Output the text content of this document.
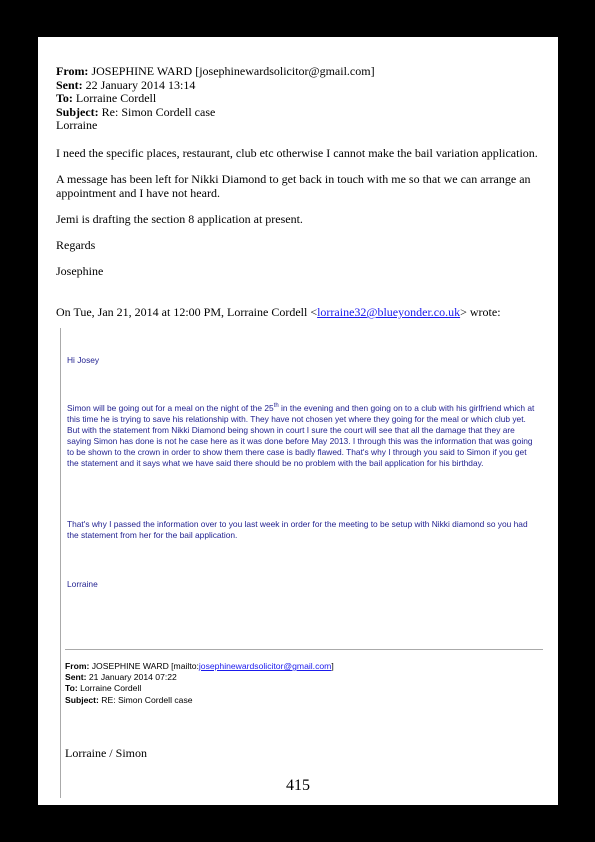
From: JOSEPHINE WARD [josephinewardsolicitor@gmail.com]
Sent: 22 January 2014 13:14
To: Lorraine Cordell
Subject: Re: Simon Cordell case
Lorraine

I need the specific places, restaurant, club etc otherwise I cannot make the bail variation application.

A message has been left for Nikki Diamond to get back in touch with me so that we can arrange an appointment and I have not heard.

Jemi is drafting the section 8 application at present.

Regards

Josephine

On Tue, Jan 21, 2014 at 12:00 PM, Lorraine Cordell <lorraine32@blueyonder.co.uk> wrote:

Hi Josey

Simon will be going out for a meal on the night of the 25th in the evening and then going on to a club with his girlfriend which at this time he is trying to save his relationship with. They have not chosen yet where they going for the meal or which club yet. But with the statement from Nikki Diamond being shown in court I sure the court will see that all the damage that they are saying Simon has done is not he case here as it was done before May 2013. I through this was the information that was going to be shown to the crown in order to show them there case is badly flawed. That's why I through you said to Simon if you get the statement and it says what we have said there should be no problem with the bail application for his birthday.

That's why I passed the information over to you last week in order for the meeting to be setup with Nikki diamond so you had the statement from her for the bail application.

Lorraine

From: JOSEPHINE WARD [mailto:josephinewardsolicitor@gmail.com]
Sent: 21 January 2014 07:22
To: Lorraine Cordell
Subject: RE: Simon Cordell case
Lorraine / Simon
415
